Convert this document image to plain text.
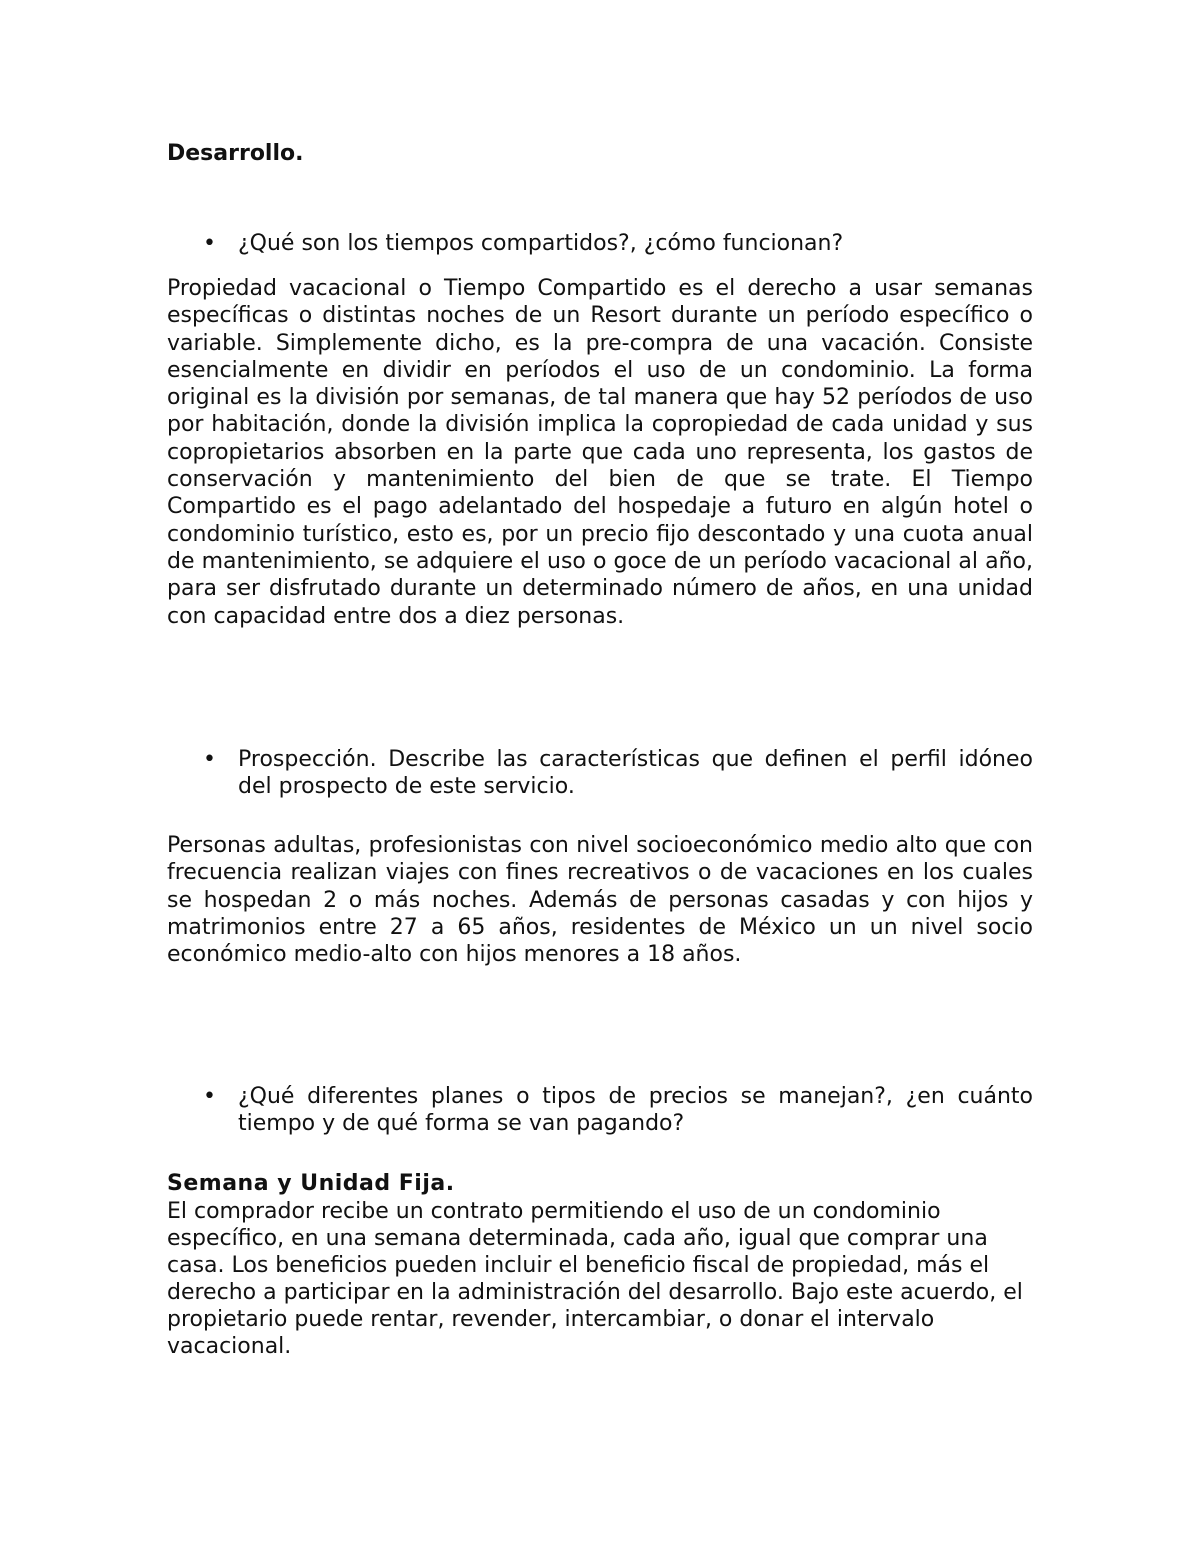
Desarrollo.
• ¿Qué son los tiempos compartidos?, ¿cómo funcionan?
Propiedad vacacional o Tiempo Compartido es el derecho a usar semanas específicas o distintas noches de un Resort durante un período específico o variable. Simplemente dicho, es la pre-compra de una vacación. Consiste esencialmente en dividir en períodos el uso de un condominio. La forma original es la división por semanas, de tal manera que hay 52 períodos de uso por habitación, donde la división implica la copropiedad de cada unidad y sus copropietarios absorben en la parte que cada uno representa, los gastos de conservación y mantenimiento del bien de que se trate. El Tiempo Compartido es el pago adelantado del hospedaje a futuro en algún hotel o condominio turístico, esto es, por un precio fijo descontado y una cuota anual de mantenimiento, se adquiere el uso o goce de un período vacacional al año, para ser disfrutado durante un determinado número de años, en una unidad con capacidad entre dos a diez personas.
• Prospección. Describe las características que definen el perfil idóneo del prospecto de este servicio.
Personas adultas, profesionistas con nivel socioeconómico medio alto que con frecuencia realizan viajes con fines recreativos o de vacaciones en los cuales se hospedan 2 o más noches. Además de personas casadas y con hijos y matrimonios entre 27 a 65 años, residentes de México un un nivel socio económico medio-alto con hijos menores a 18 años.
• ¿Qué diferentes planes o tipos de precios se manejan?, ¿en cuánto tiempo y de qué forma se van pagando?
Semana y Unidad Fija.
El comprador recibe un contrato permitiendo el uso de un condominio específico, en una semana determinada, cada año, igual que comprar una casa. Los beneficios pueden incluir el beneficio fiscal de propiedad, más el derecho a participar en la administración del desarrollo. Bajo este acuerdo, el propietario puede rentar, revender, intercambiar, o donar el intervalo vacacional.
